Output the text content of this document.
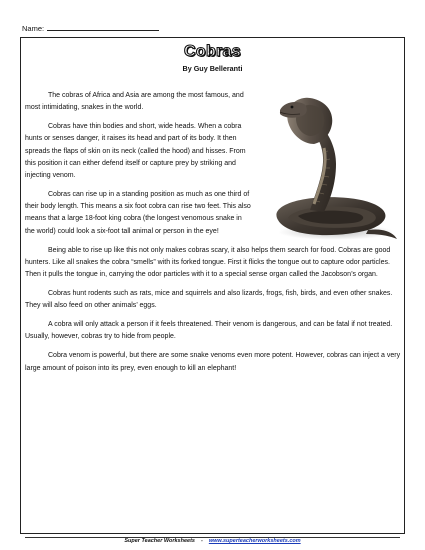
Name:
Cobras
By Guy Belleranti

The cobras of Africa and Asia are among the most famous, and most intimidating, snakes in the world.

Cobras have thin bodies and short, wide heads. When a cobra hunts or senses danger, it raises its head and part of its body. It then spreads the flaps of skin on its neck (called the hood) and hisses. From this position it can either defend itself or capture prey by striking and injecting venom.

Cobras can rise up in a standing position as much as one third of their body length. This means a six foot cobra can rise two feet. This also means that a large 18-foot king cobra (the longest venomous snake in the world) could look a six-foot tall animal or person in the eye!

Being able to rise up like this not only makes cobras scary, it also helps them search for food. Cobras are good hunters. Like all snakes the cobra “smells” with its forked tongue. First it flicks the tongue out to capture odor particles. Then it pulls the tongue in, carrying the odor particles with it to a special sense organ called the Jacobson’s organ.

Cobras hunt rodents such as rats, mice and squirrels and also lizards, frogs, fish, birds, and even other snakes. They will also feed on other animals’ eggs.

A cobra will only attack a person if it feels threatened. Their venom is dangerous, and can be fatal if not treated. Usually, however, cobras try to hide from people.

Cobra venom is powerful, but there are some snake venoms even more potent. However, cobras can inject a very large amount of poison into its prey, even enough to kill an elephant!

Super Teacher Worksheets - www.superteacherworksheets.com
